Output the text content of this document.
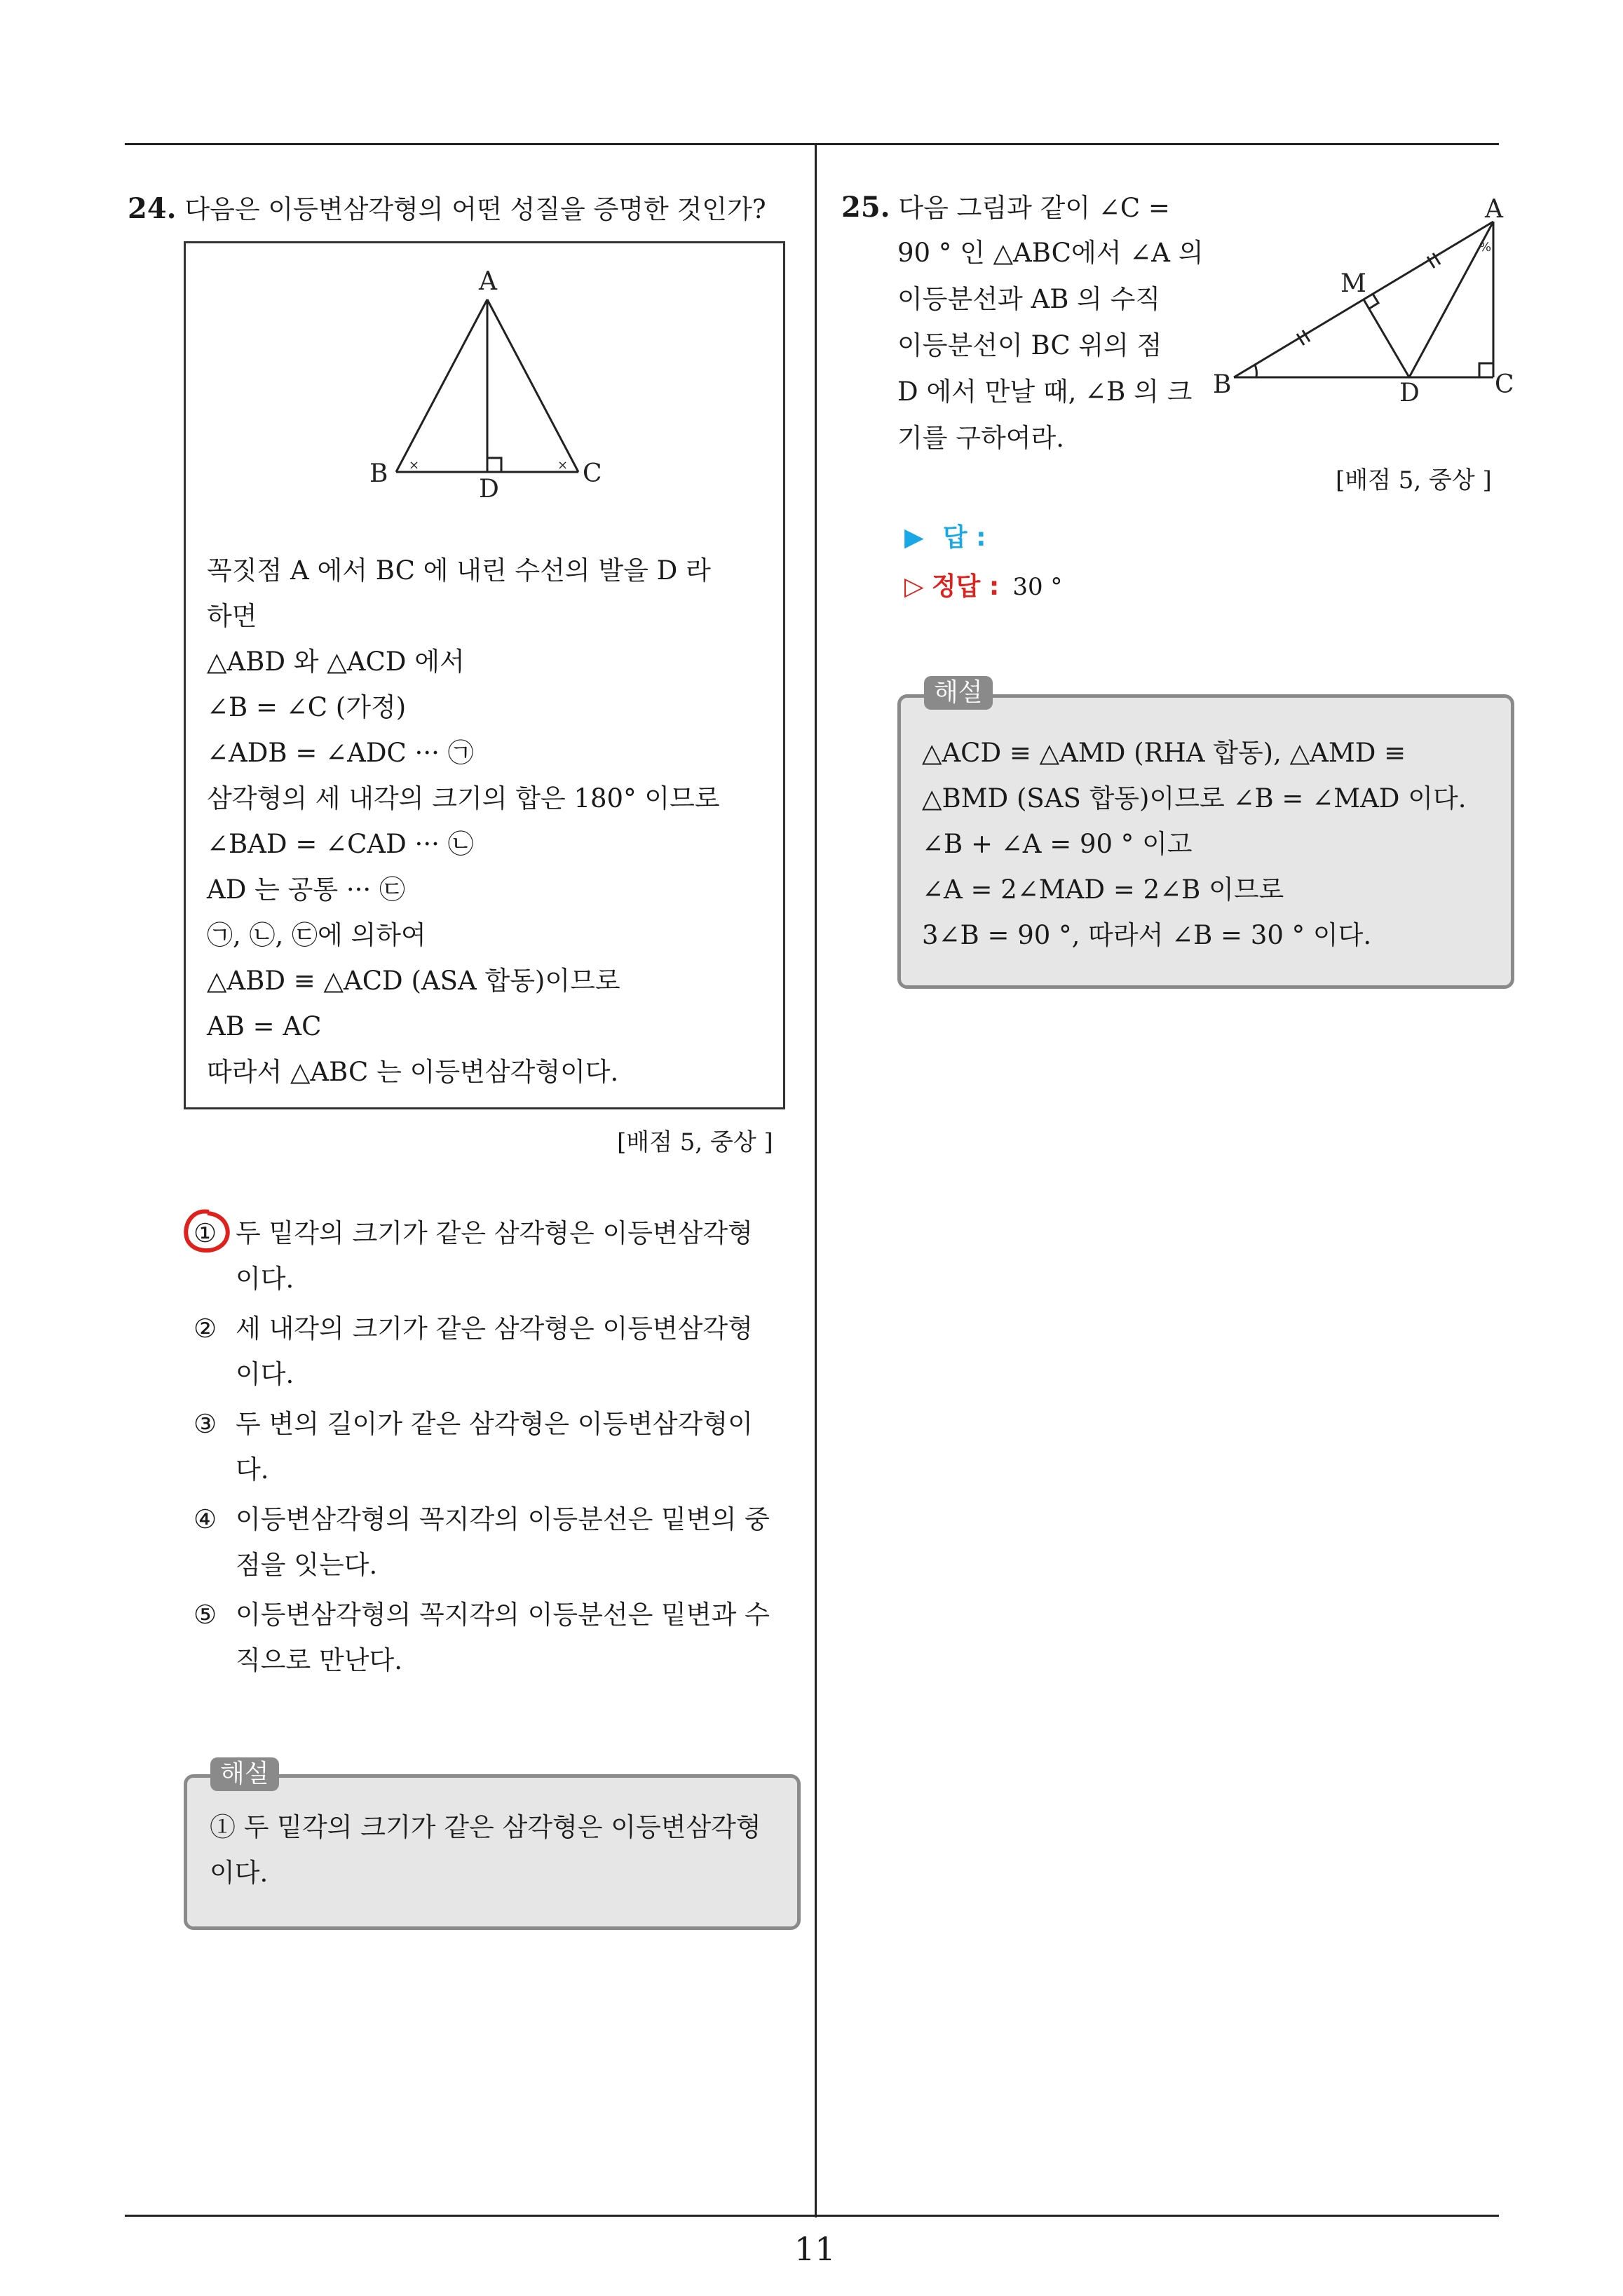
11
24. 다음은 이등변삼각형의 어떤 성질을 증명한 것인가?
×	×
A
B	C
D
꼭짓점 A 에서 BC 에 내린 수선의 발을 D 라
하면
△ABD 와 △ACD 에서
∠B = ∠C (가정)
∠ADB = ∠ADC ··· ㉠
삼각형의 세 내각의 크기의 합은 180° 이므로
∠BAD = ∠CAD ··· ㉡
AD 는 공통 ··· ㉢
㉠, ㉡, ㉢에 의하여
△ABD ≡ △ACD (ASA 합동)이므로
AB = AC
따라서 △ABC 는 이등변삼각형이다.
[배점 5, 중상 ]
① 두 밑각의 크기가 같은 삼각형은 이등변삼각형
이다.
② 세 내각의 크기가 같은 삼각형은 이등변삼각형
이다.
③ 두 변의 길이가 같은 삼각형은 이등변삼각형이
다.
④ 이등변삼각형의 꼭지각의 이등분선은 밑변의 중
점을 잇는다.
⑤ 이등변삼각형의 꼭지각의 이등분선은 밑변과 수
직으로 만난다.
① 두 밑각의 크기가 같은 삼각형은 이등변삼각형
이다.
해설
25. 다음 그림과 같이 ∠C =
90 ° 인 △ABC에서 ∠A 의
이등분선과 AB 의 수직
이등분선이 BC 위의 점
D 에서 만날 때, ∠B 의 크
기를 구하여라.
%
A
B	C
D
M
[배점 5, 중상 ]
▶ 답 :
▷ 정답 : 30 °
△ACD ≡ △AMD (RHA 합동), △AMD ≡
△BMD (SAS 합동)이므로 ∠B = ∠MAD 이다.
∠B + ∠A = 90 ° 이고
∠A = 2∠MAD = 2∠B 이므로
3∠B = 90 °, 따라서 ∠B = 30 ° 이다.
해설
